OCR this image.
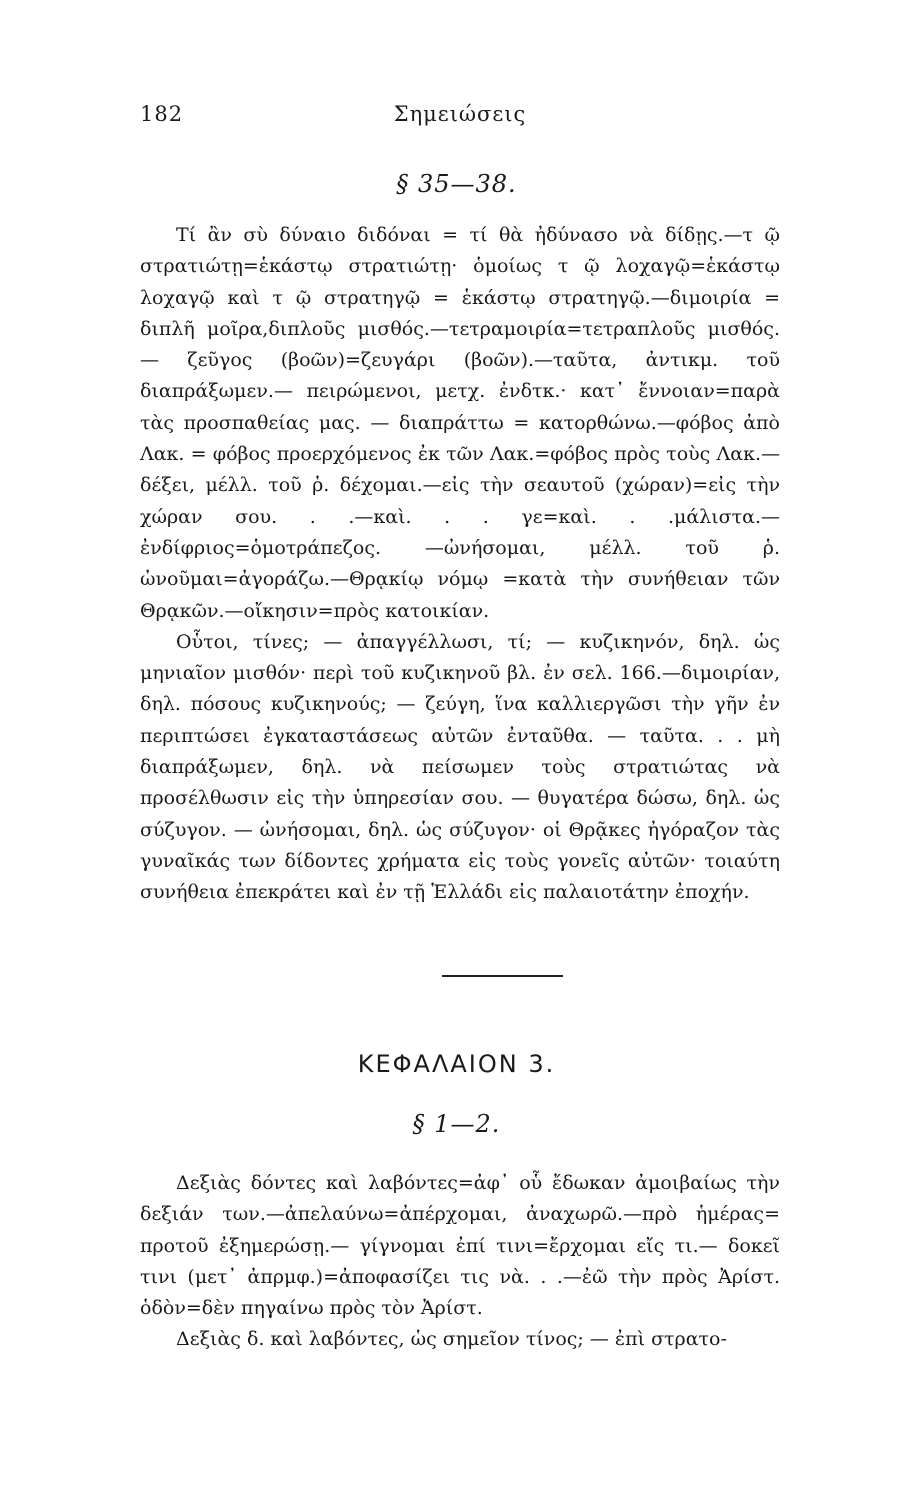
182	Σημειώσεις
§ 35—38.

Τί ἂν σὺ δύναιο διδόναι = τί θὰ ἠδύνασο νὰ δίδῃς.—τ ῷ στρατιώτῃ=ἑκάστῳ στρατιώτῃ· ὁμοίως τ ῷ λοχαγῷ=ἑκάστῳ λοχαγῷ καὶ τ ῷ στρατηγῷ = ἑκάστῳ στρατηγῷ.—διμοιρία = διπλῆ μοῖρα,διπλοῦς μισθός.—τετραμοιρία=τετραπλοῦς μισθός.— ζεῦγος (βοῶν)=ζευγάρι (βοῶν).—ταῦτα, ἀντικμ. τοῦ διαπράξωμεν.— πειρώμενοι, μετχ. ἐνδτκ.· κατ᾽ ἔννοιαν=παρὰ τὰς προσπαθείας μας. — διαπράττω = κατορθώνω.—φόβος ἀπὸ Λακ. = φόβος προερχόμενος ἐκ τῶν Λακ.=φόβος πρὸς τοὺς Λακ.—δέξει, μέλλ. τοῦ ῥ. δέχομαι.—εἰς τὴν σεαυτοῦ (χώραν)=εἰς τὴν χώραν σου. . .—καὶ. . . γε=καὶ. . .μάλιστα.—ἐνδίφριος=ὁμοτράπεζος. —ὠνήσομαι, μέλλ. τοῦ ῥ. ὠνοῦμαι=ἀγοράζω.—Θρᾳκίῳ νόμῳ =κατὰ τὴν συνήθειαν τῶν Θρᾳκῶν.—οἴκησιν=πρὸς κατοικίαν.

Οὗτοι, τίνες; — ἀπαγγέλλωσι, τί; — κυζικηνόν, δηλ. ὡς μηνιαῖον μισθόν· περὶ τοῦ κυζικηνοῦ βλ. ἐν σελ. 166.—διμοιρίαν, δηλ. πόσους κυζικηνούς; — ζεύγη, ἵνα καλλιεργῶσι τὴν γῆν ἐν περιπτώσει ἐγκαταστάσεως αὐτῶν ἐνταῦθα. — ταῦτα. . . μὴ διαπράξωμεν, δηλ. νὰ πείσωμεν τοὺς στρατιώτας νὰ προσέλθωσιν εἰς τὴν ὑπηρεσίαν σου. — θυγατέρα δώσω, δηλ. ὡς σύζυγον. — ὠνήσομαι, δηλ. ὡς σύζυγον· οἱ Θρᾷκες ἠγόραζον τὰς γυναῖκάς των δίδοντες χρήματα εἰς τοὺς γονεῖς αὐτῶν· τοιαύτη συνήθεια ἐπεκράτει καὶ ἐν τῇ Ἑλλάδι εἰς παλαιοτάτην ἐποχήν.

ΚΕΦΑΛΑΙΟΝ 3.
§ 1—2.

Δεξιὰς δόντες καὶ λαβόντες=ἀφ᾽ οὗ ἔδωκαν ἀμοιβαίως τὴν δεξιάν των.—ἀπελαύνω=ἀπέρχομαι, ἀναχωρῶ.—πρὸ ἡμέρας= προτοῦ ἐξημερώσῃ.— γίγνομαι ἐπί τινι=ἔρχομαι εἴς τι.— δοκεῖ τινι (μετ᾽ ἀπρμφ.)=ἀποφασίζει τις νὰ. . .—ἐῶ τὴν πρὸς Ἀρίστ. ὁδὸν=δὲν πηγαίνω πρὸς τὸν Ἀρίστ.

Δεξιὰς δ. καὶ λαβόντες, ὡς σημεῖον τίνος; — ἐπὶ στρατο-
